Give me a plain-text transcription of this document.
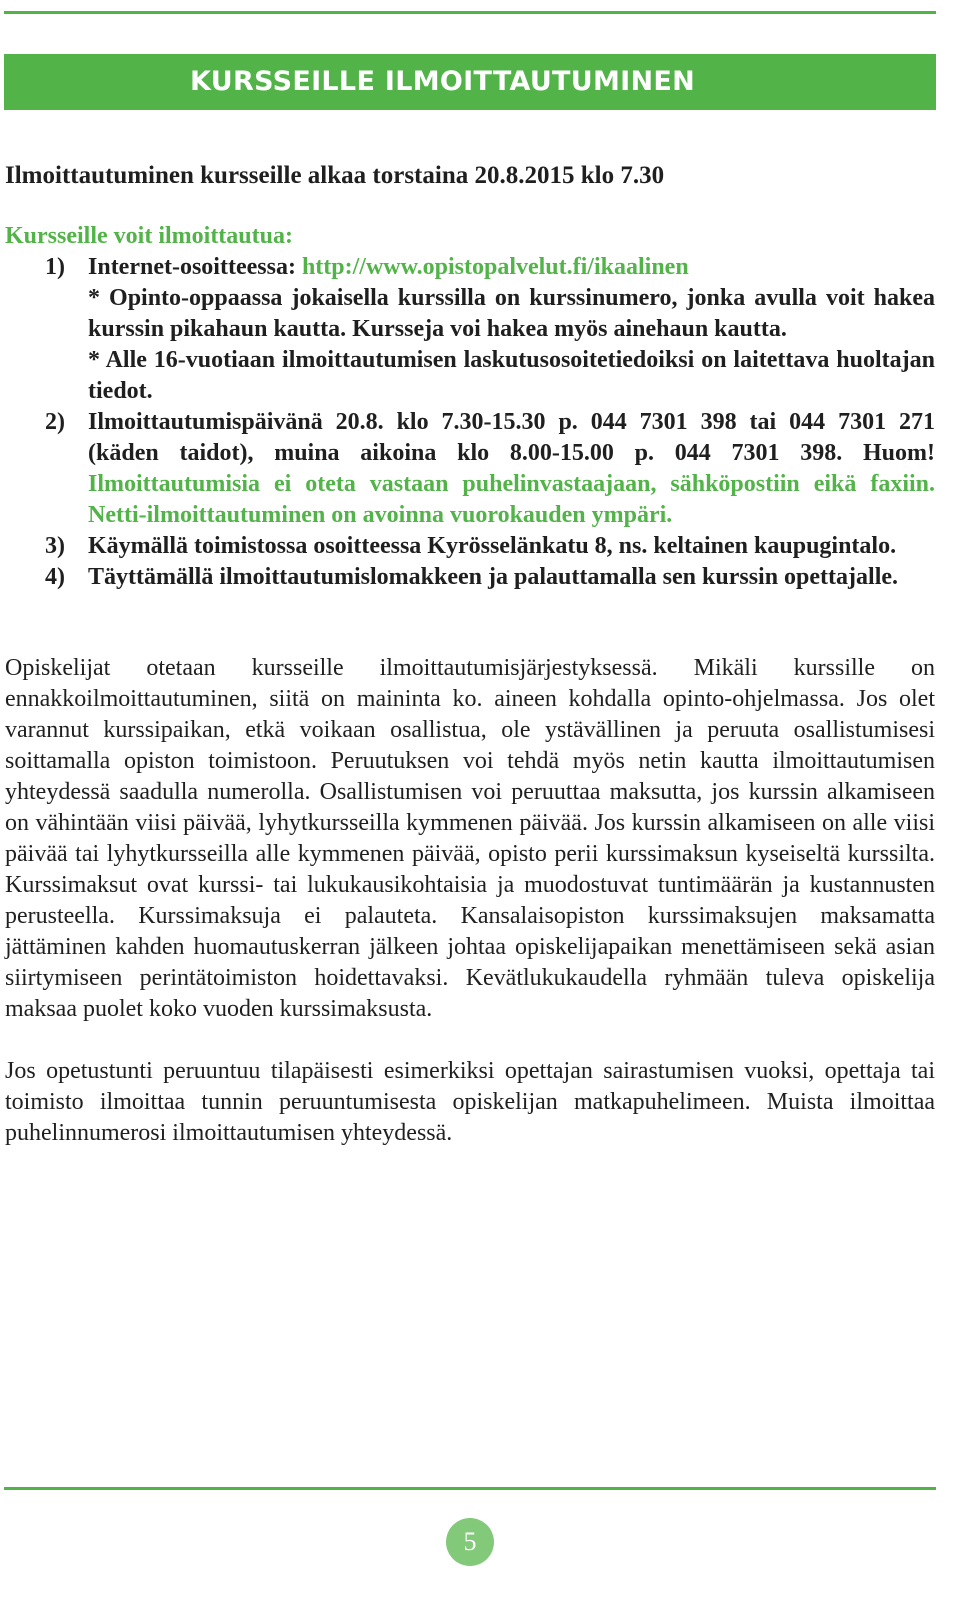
KURSSEILLE ILMOITTAUTUMINEN

Ilmoittautuminen kursseille alkaa torstaina 20.8.2015 klo 7.30

Kursseille voit ilmoittautua:

1) Internet-osoitteessa: http://www.opistopalvelut.fi/ikaalinen

* Opinto-oppaassa jokaisella kurssilla on kurssinumero, jonka avulla voit hakea kurssin pikahaun kautta. Kursseja voi hakea myös ainehaun kautta.

* Alle 16-vuotiaan ilmoittautumisen laskutusosoitetiedoiksi on laitettava huoltajan tiedot.

2) Ilmoittautumispäivänä 20.8. klo 7.30-15.30 p. 044 7301 398 tai 044 7301 271 (käden taidot), muina aikoina klo 8.00-15.00 p. 044 7301 398. Huom! Ilmoittautumisia ei oteta vastaan puhelinvastaajaan, sähköpostiin eikä faxiin. Netti-ilmoittautuminen on avoinna vuorokauden ympäri.
3) Käymällä toimistossa osoitteessa Kyrösselänkatu 8, ns. keltainen kaupugintalo.
4) Täyttämällä ilmoittautumislomakkeen ja palauttamalla sen kurssin opettajalle.

Opiskelijat otetaan kursseille ilmoittautumisjärjestyksessä. Mikäli kurssille on ennakkoilmoittautuminen, siitä on maininta ko. aineen kohdalla opinto-ohjelmassa. Jos olet varannut kurssipaikan, etkä voikaan osallistua, ole ystävällinen ja peruuta osallistumisesi soittamalla opiston toimistoon. Peruutuksen voi tehdä myös netin kautta ilmoittautumisen yhteydessä saadulla numerolla. Osallistumisen voi peruuttaa maksutta, jos kurssin alkamiseen on vähintään viisi päivää, lyhytkursseilla kymmenen päivää. Jos kurssin alkamiseen on alle viisi päivää tai lyhytkursseilla alle kymmenen päivää, opisto perii kurssimaksun kyseiseltä kurssilta. Kurssimaksut ovat kurssi- tai lukukausikohtaisia ja muodostuvat tuntimäärän ja kustannusten perusteella. Kurssimaksuja ei palauteta. Kansalaisopiston kurssimaksujen maksamatta jättäminen kahden huomautuskerran jälkeen johtaa opiskelijapaikan menettämiseen sekä asian siirtymiseen perintätoimiston hoidettavaksi. Kevätlukukaudella ryhmään tuleva opiskelija maksaa puolet koko vuoden kurssimaksusta.

Jos opetustunti peruuntuu tilapäisesti esimerkiksi opettajan sairastumisen vuoksi, opettaja tai toimisto ilmoittaa tunnin peruuntumisesta opiskelijan matkapuhelimeen. Muista ilmoittaa puhelinnumerosi ilmoittautumisen yhteydessä.

5
